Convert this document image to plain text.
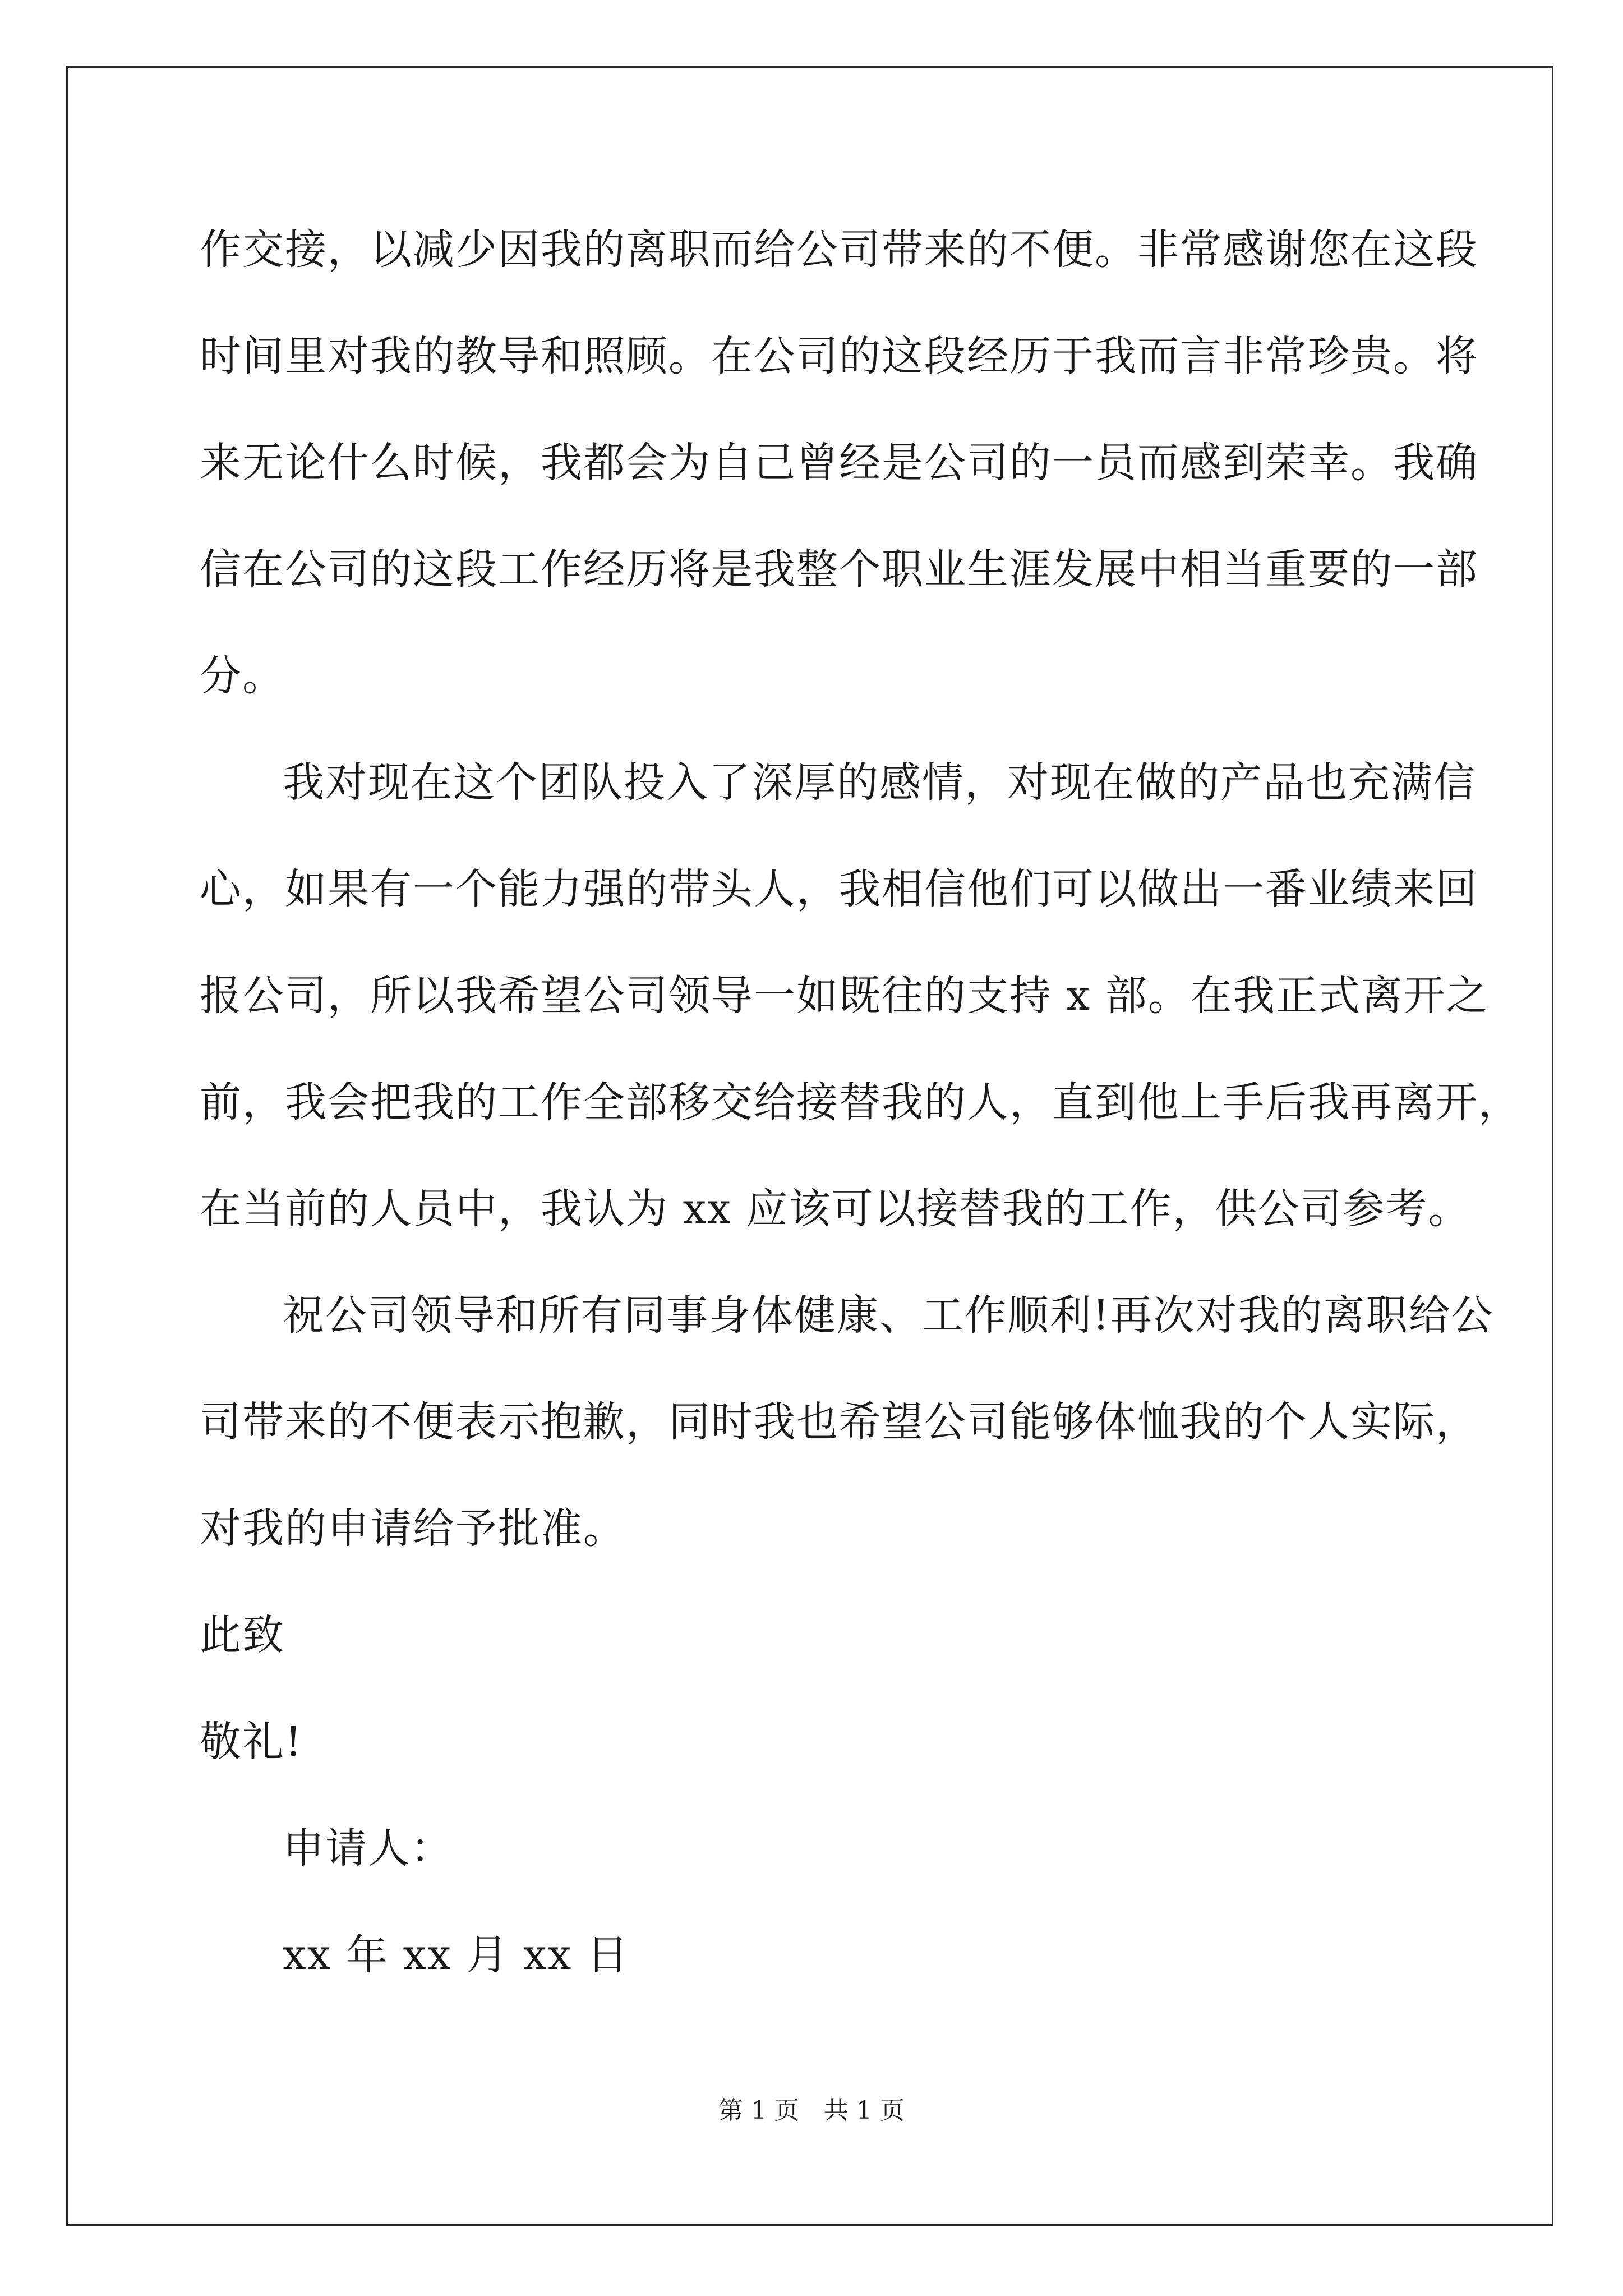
作交接，以减少因我的离职而给公司带来的不便。非常感谢您在这段
时间里对我的教导和照顾。在公司的这段经历于我而言非常珍贵。将
来无论什么时候，我都会为自己曾经是公司的一员而感到荣幸。我确
信在公司的这段工作经历将是我整个职业生涯发展中相当重要的一部
分。
我对现在这个团队投入了深厚的感情，对现在做的产品也充满信
心，如果有一个能力强的带头人，我相信他们可以做出一番业绩来回
报公司，所以我希望公司领导一如既往的支持 x 部。在我正式离开之
前，我会把我的工作全部移交给接替我的人，直到他上手后我再离开，
在当前的人员中，我认为 xx 应该可以接替我的工作，供公司参考。
祝公司领导和所有同事身体健康、工作顺利!再次对我的离职给公
司带来的不便表示抱歉，同时我也希望公司能够体恤我的个人实际，
对我的申请给予批准。
此致
敬礼!
申请人：
xx 年 xx 月 xx 日
第 1 页　共 1 页
